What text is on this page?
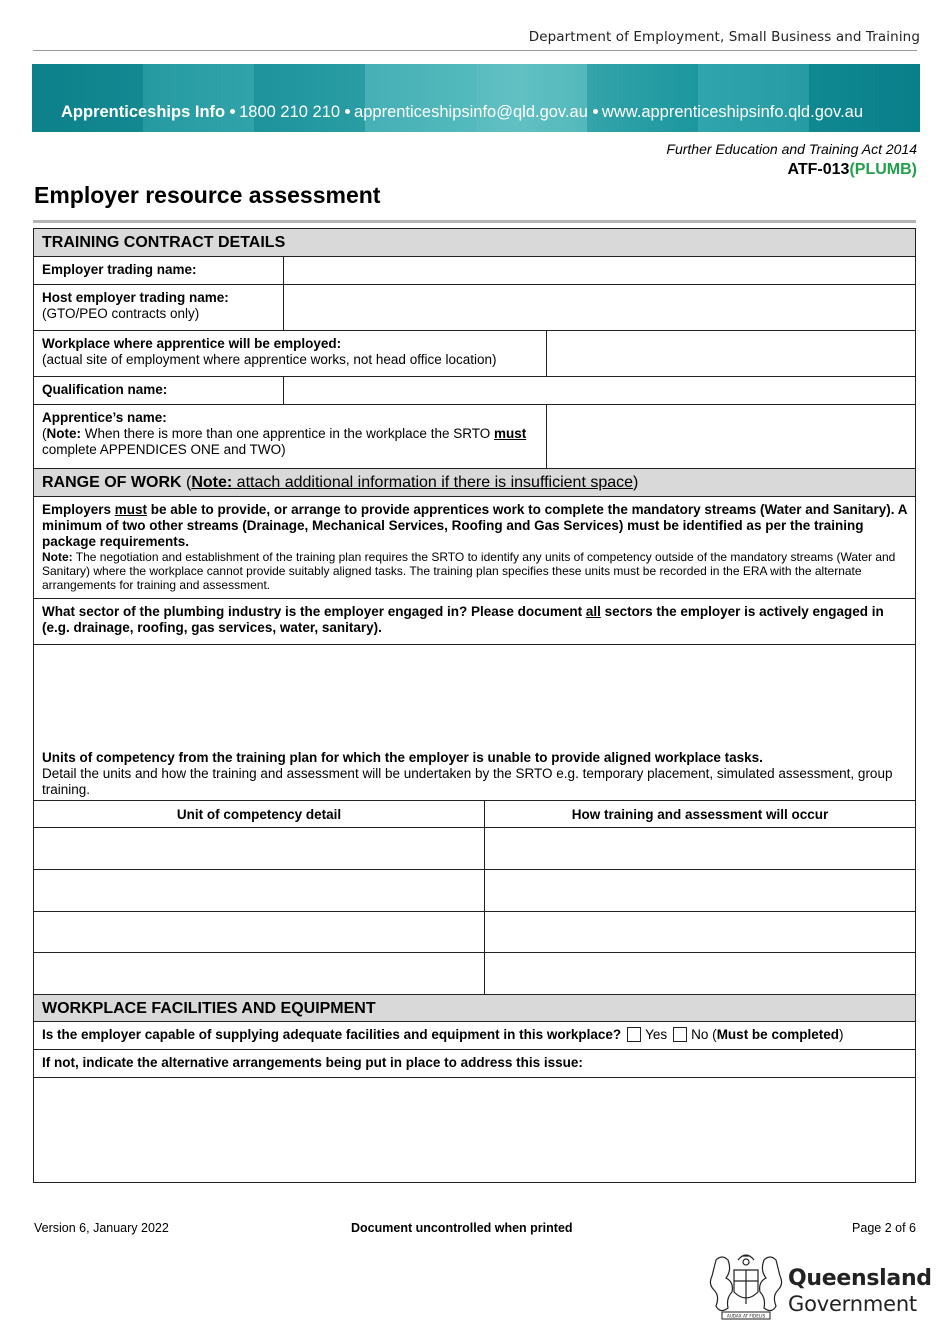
Department of Employment, Small Business and Training
Apprenticeships Info 1800 210 210 apprenticeshipsinfo@qld.gov.au www.apprenticeshipsinfo.qld.gov.au
Further Education and Training Act 2014
ATF-013(PLUMB)
Employer resource assessment
TRAINING CONTRACT DETAILS
Employer trading name:
Host employer trading name:
(GTO/PEO contracts only)
Workplace where apprentice will be employed:
(actual site of employment where apprentice works, not head office location)
Qualification name:
Apprentice’s name:
(Note: When there is more than one apprentice in the workplace the SRTO must complete APPENDICES ONE and TWO)
RANGE OF WORK (Note: attach additional information if there is insufficient space)
Employers must be able to provide, or arrange to provide apprentices work to complete the mandatory streams (Water and Sanitary). A minimum of two other streams (Drainage, Mechanical Services, Roofing and Gas Services) must be identified as per the training package requirements.
Note: The negotiation and establishment of the training plan requires the SRTO to identify any units of competency outside of the mandatory streams (Water and Sanitary) where the workplace cannot provide suitably aligned tasks. The training plan specifies these units must be recorded in the ERA with the alternate arrangements for training and assessment.
What sector of the plumbing industry is the employer engaged in? Please document all sectors the employer is actively engaged in (e.g. drainage, roofing, gas services, water, sanitary).
Units of competency from the training plan for which the employer is unable to provide aligned workplace tasks.
Detail the units and how the training and assessment will be undertaken by the SRTO e.g. temporary placement, simulated assessment, group training.
Unit of competency detail	How training and assessment will occur
WORKPLACE FACILITIES AND EQUIPMENT
Is the employer capable of supplying adequate facilities and equipment in this workplace? Yes No (Must be completed)
If not, indicate the alternative arrangements being put in place to address this issue:
Version 6, January 2022	Document uncontrolled when printed	Page 2 of 6
AUDAX AT FIDELIS
Queensland
Government
